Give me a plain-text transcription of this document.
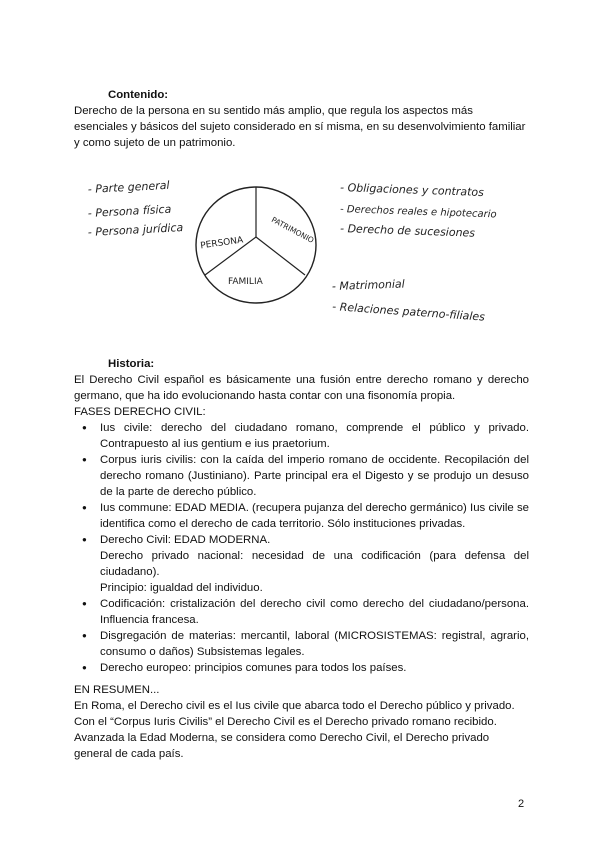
Contenido:
Derecho de la persona en su sentido más amplio, que regula los aspectos más esenciales y básicos del sujeto considerado en sí misma, en su desenvolvimiento familiar y como sujeto de un patrimonio.
PERSONA	PATRIMONIO
FAMILIA
- Parte general
- Persona física
- Persona jurídica
- Obligaciones y contratos
- Derechos reales e hipotecario
- Derecho de sucesiones
- Matrimonial
- Relaciones paterno-filiales
Historia:
El Derecho Civil español es básicamente una fusión entre derecho romano y derecho germano, que ha ido evolucionando hasta contar con una fisonomía propia.
FASES DERECHO CIVIL:
● Ius civile: derecho del ciudadano romano, comprende el público y privado. Contrapuesto al ius gentium e ius praetorium.
● Corpus iuris civilis: con la caída del imperio romano de occidente. Recopilación del derecho romano (Justiniano). Parte principal era el Digesto y se produjo un desuso de la parte de derecho público.
● Ius commune: EDAD MEDIA. (recupera pujanza del derecho germánico) Ius civile se identifica como el derecho de cada territorio. Sólo instituciones privadas.
● Derecho Civil: EDAD MODERNA.
Derecho privado nacional: necesidad de una codificación (para defensa del ciudadano).
Principio: igualdad del individuo.
● Codificación: cristalización del derecho civil como derecho del ciudadano/persona. Influencia francesa.
● Disgregación de materias: mercantil, laboral (MICROSISTEMAS: registral, agrario, consumo o daños) Subsistemas legales.
● Derecho europeo: principios comunes para todos los países.
EN RESUMEN...
En Roma, el Derecho civil es el Ius civile que abarca todo el Derecho público y privado.
Con el “Corpus Iuris Civilis” el Derecho Civil es el Derecho privado romano recibido.
Avanzada la Edad Moderna, se considera como Derecho Civil, el Derecho privado general de cada país.
2
